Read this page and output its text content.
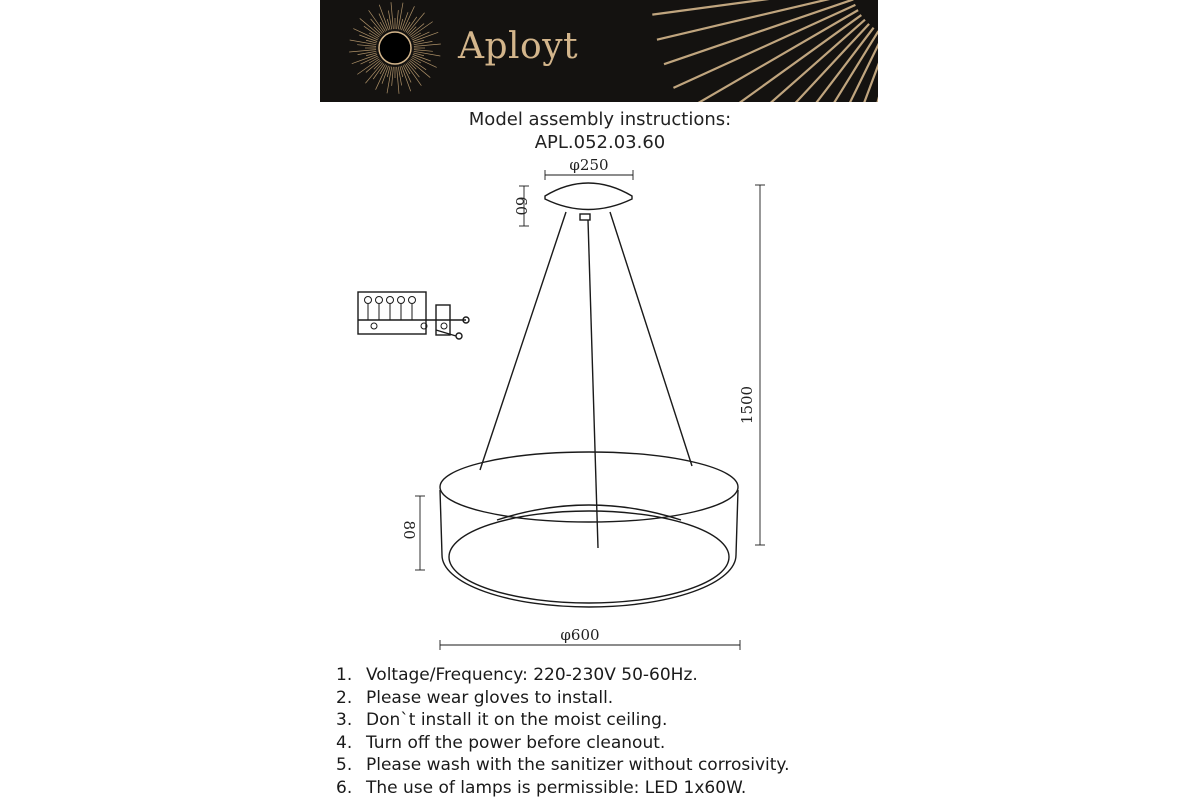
Aployt
Model assembly instructions:
APL.052.03.60
φ250
60
1500
80
φ600
1. Voltage/Frequency: 220-230V 50-60Hz.
2. Please wear gloves to install.
3. Don`t install it on the moist ceiling.
4. Turn off the power before cleanout.
5. Please wash with the sanitizer without corrosivity.
6. The use of lamps is permissible: LED 1x60W.
